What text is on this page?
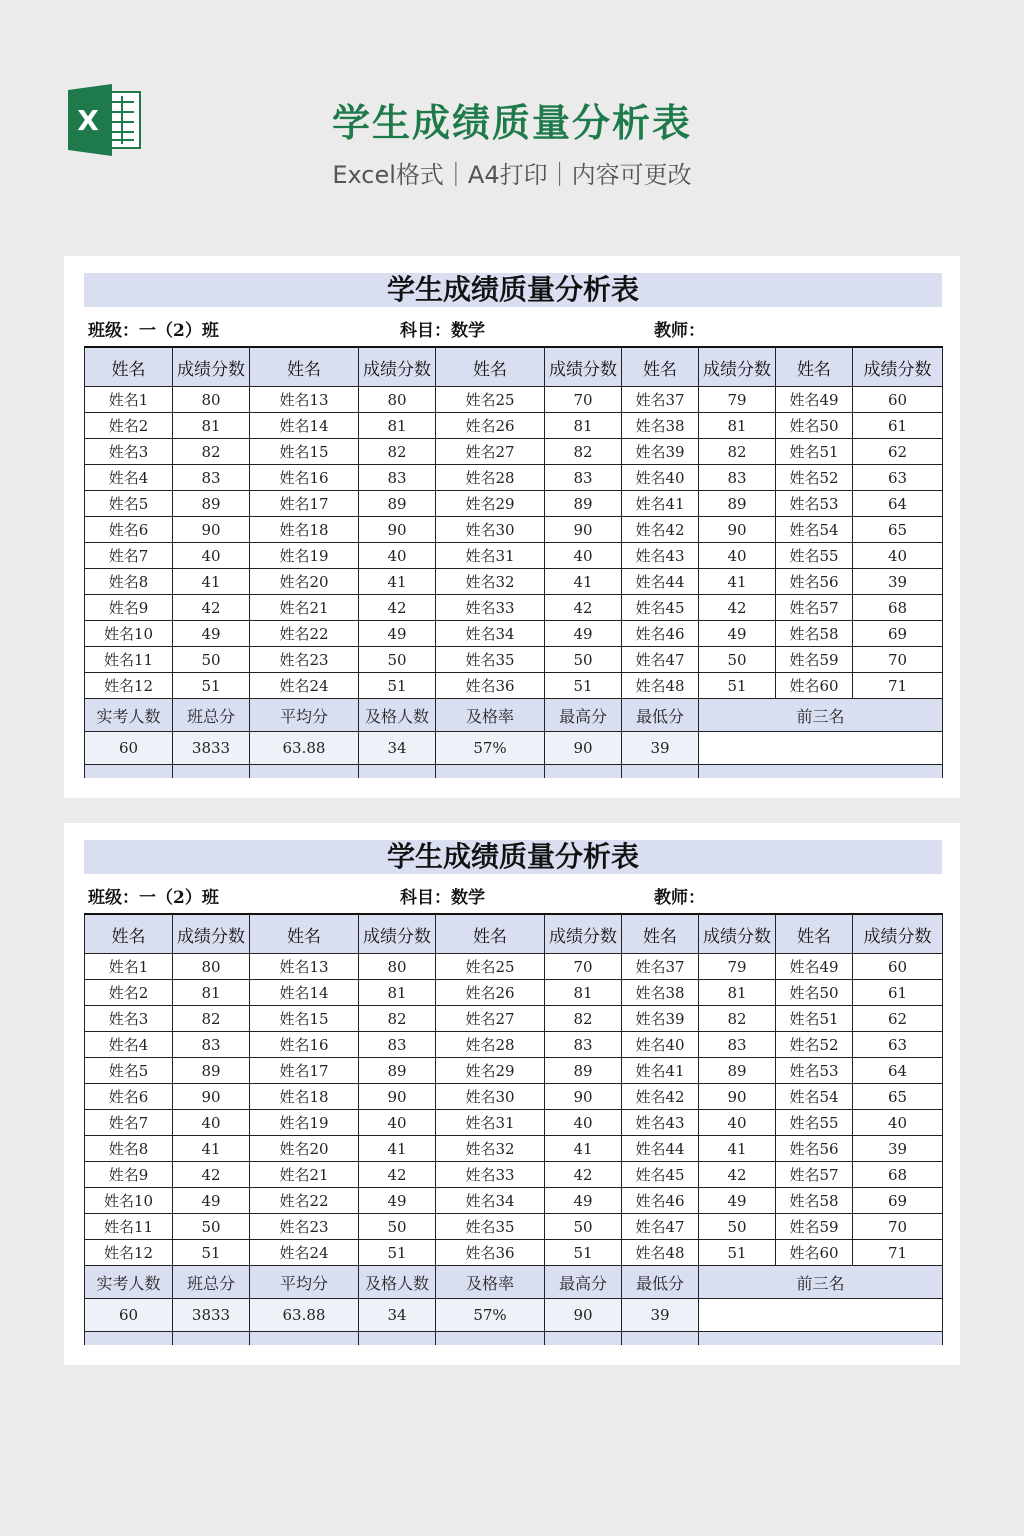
X	学生成绩质量分析表
Excel格式｜A4打印｜内容可更改
学生成绩质量分析表
班级：一（2）班	科目：数学	教师：
姓名	成绩分数	姓名	成绩分数	姓名	成绩分数	姓名	成绩分数	姓名	成绩分数
姓名1	80	姓名13	80	姓名25	70	姓名37	79	姓名49	60
姓名2	81	姓名14	81	姓名26	81	姓名38	81	姓名50	61
姓名3	82	姓名15	82	姓名27	82	姓名39	82	姓名51	62
姓名4	83	姓名16	83	姓名28	83	姓名40	83	姓名52	63
姓名5	89	姓名17	89	姓名29	89	姓名41	89	姓名53	64
姓名6	90	姓名18	90	姓名30	90	姓名42	90	姓名54	65
姓名7	40	姓名19	40	姓名31	40	姓名43	40	姓名55	40
姓名8	41	姓名20	41	姓名32	41	姓名44	41	姓名56	39
姓名9	42	姓名21	42	姓名33	42	姓名45	42	姓名57	68
姓名10	49	姓名22	49	姓名34	49	姓名46	49	姓名58	69
姓名11	50	姓名23	50	姓名35	50	姓名47	50	姓名59	70
姓名12	51	姓名24	51	姓名36	51	姓名48	51	姓名60	71
实考人数	班总分	平均分	及格人数	及格率	最高分	最低分	前三名		
60	3833	63.88	34	57%	90	39			

学生成绩质量分析表
班级：一（2）班	科目：数学	教师：
姓名	成绩分数	姓名	成绩分数	姓名	成绩分数	姓名	成绩分数	姓名	成绩分数
姓名1	80	姓名13	80	姓名25	70	姓名37	79	姓名49	60
姓名2	81	姓名14	81	姓名26	81	姓名38	81	姓名50	61
姓名3	82	姓名15	82	姓名27	82	姓名39	82	姓名51	62
姓名4	83	姓名16	83	姓名28	83	姓名40	83	姓名52	63
姓名5	89	姓名17	89	姓名29	89	姓名41	89	姓名53	64
姓名6	90	姓名18	90	姓名30	90	姓名42	90	姓名54	65
姓名7	40	姓名19	40	姓名31	40	姓名43	40	姓名55	40
姓名8	41	姓名20	41	姓名32	41	姓名44	41	姓名56	39
姓名9	42	姓名21	42	姓名33	42	姓名45	42	姓名57	68
姓名10	49	姓名22	49	姓名34	49	姓名46	49	姓名58	69
姓名11	50	姓名23	50	姓名35	50	姓名47	50	姓名59	70
姓名12	51	姓名24	51	姓名36	51	姓名48	51	姓名60	71
实考人数	班总分	平均分	及格人数	及格率	最高分	最低分	前三名		
60	3833	63.88	34	57%	90	39			
